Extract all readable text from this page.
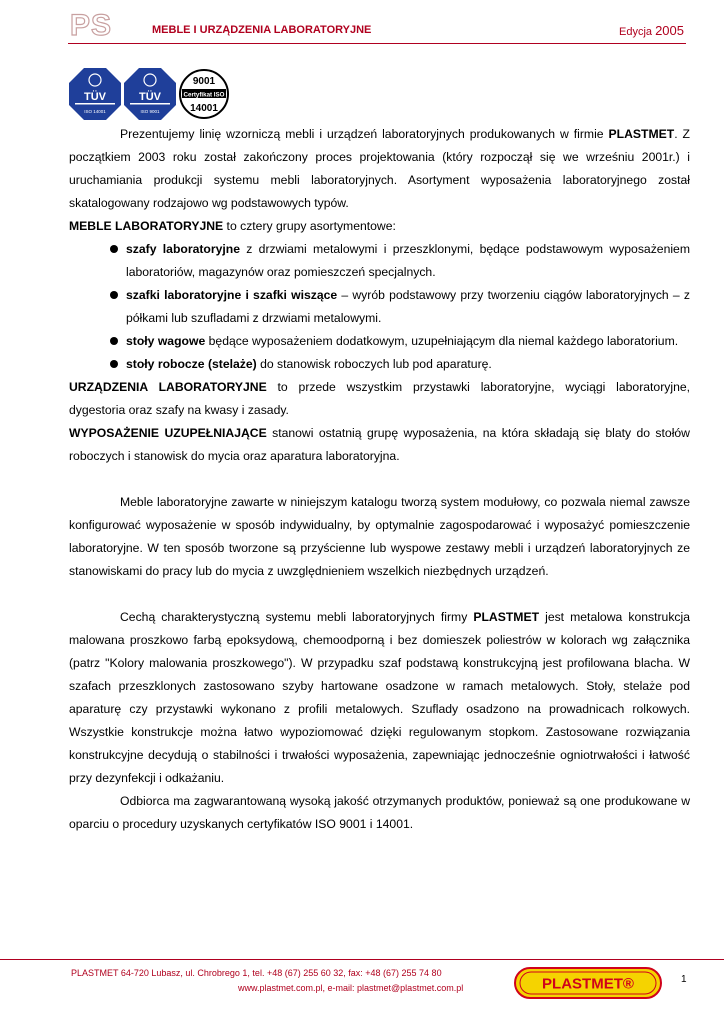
PS	MEBLE I URZĄDZENIA LABORATORYJNE	Edycja 2005
TÜV
ISO 14001
TÜV
ISO 9001
9001
Certyfikat ISO
14001

Prezentujemy linię wzorniczą mebli i urządzeń laboratoryjnych produkowanych w firmie PLASTMET. Z początkiem 2003 roku został zakończony proces projektowania (który rozpoczął się we wrześniu 2001r.) i uruchamiania produkcji systemu mebli laboratoryjnych. Asortyment wyposażenia laboratoryjnego został skatalogowany rodzajowo wg podstawowych typów.

MEBLE LABORATORYJNE to cztery grupy asortymentowe:

szafy laboratoryjne z drzwiami metalowymi i przeszklonymi, będące podstawowym wyposażeniem laboratoriów, magazynów oraz pomieszczeń specjalnych.
szafki laboratoryjne i szafki wiszące – wyrób podstawowy przy tworzeniu ciągów laboratoryjnych – z półkami lub szufladami z drzwiami metalowymi.
stoły wagowe będące wyposażeniem dodatkowym, uzupełniającym dla niemal każdego laboratorium.
stoły robocze (stelaże) do stanowisk roboczych lub pod aparaturę.

URZĄDZENIA LABORATORYJNE to przede wszystkim przystawki laboratoryjne, wyciągi laboratoryjne, dygestoria oraz szafy na kwasy i zasady.

WYPOSAŻENIE UZUPEŁNIAJĄCE stanowi ostatnią grupę wyposażenia, na która składają się blaty do stołów roboczych i stanowisk do mycia oraz aparatura laboratoryjna.

Meble laboratoryjne zawarte w niniejszym katalogu tworzą system modułowy, co pozwala niemal zawsze konfigurować wyposażenie w sposób indywidualny, by optymalnie zagospodarować i wyposażyć pomieszczenie laboratoryjne. W ten sposób tworzone są przyścienne lub wyspowe zestawy mebli i urządzeń laboratoryjnych ze stanowiskami do pracy lub do mycia z uwzględnieniem wszelkich niezbędnych urządzeń.

Cechą charakterystyczną systemu mebli laboratoryjnych firmy PLASTMET jest metalowa konstrukcja malowana proszkowo farbą epoksydową, chemoodporną i bez domieszek poliestrów w kolorach wg załącznika (patrz "Kolory malowania proszkowego"). W przypadku szaf podstawą konstrukcyjną jest profilowana blacha. W szafach przeszklonych zastosowano szyby hartowane osadzone w ramach metalowych. Stoły, stelaże pod aparaturę czy przystawki wykonano z profili metalowych. Szuflady osadzono na prowadnicach rolkowych. Wszystkie konstrukcje można łatwo wypoziomować dzięki regulowanym stopkom. Zastosowane rozwiązania konstrukcyjne decydują o stabilności i trwałości wyposażenia, zapewniając jednocześnie ogniotrwałości i łatwość przy dezynfekcji i odkażaniu.

Odbiorca ma zagwarantowaną wysoką jakość otrzymanych produktów, ponieważ są one produkowane w oparciu o procedury uzyskanych certyfikatów ISO 9001 i 14001.

PLASTMET 64-720 Lubasz, ul. Chrobrego 1, tel. +48 (67) 255 60 32, fax: +48 (67) 255 74 80
www.plastmet.com.pl, e-mail: plastmet@plastmet.com.pl	PLASTMET®	1
